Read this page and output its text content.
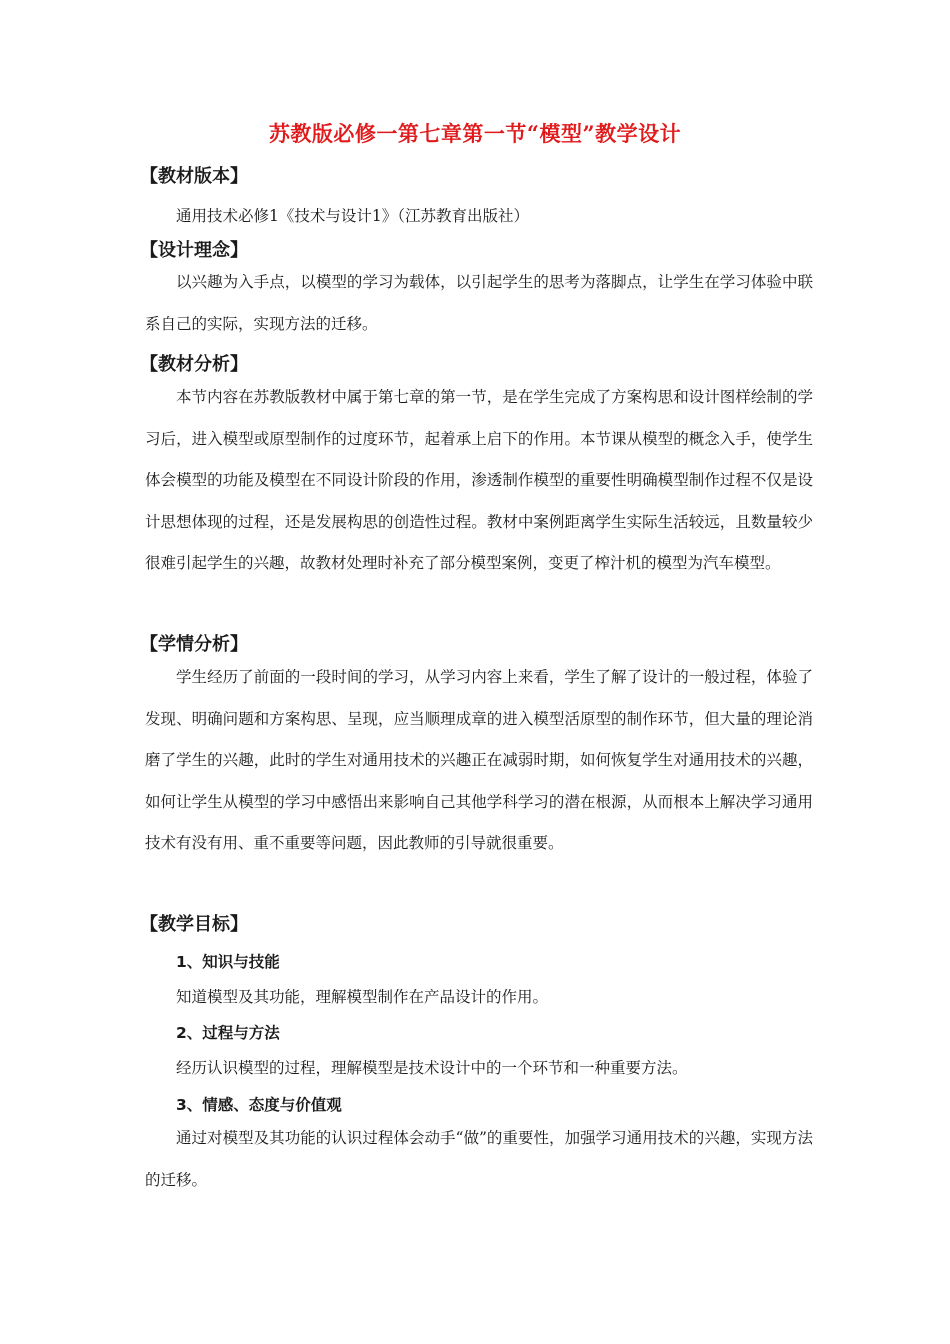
苏教版必修一第七章第一节“模型”教学设计
【教材版本】
通用技术必修1《技术与设计1》（江苏教育出版社）
【设计理念】

以兴趣为入手点，以模型的学习为载体，以引起学生的思考为落脚点，让学生在学习体验中联系自己的实际，实现方法的迁移。

【教材分析】

本节内容在苏教版教材中属于第七章的第一节，是在学生完成了方案构思和设计图样绘制的学习后，进入模型或原型制作的过度环节，起着承上启下的作用。本节课从模型的概念入手，使学生体会模型的功能及模型在不同设计阶段的作用，渗透制作模型的重要性明确模型制作过程不仅是设计思想体现的过程，还是发展构思的创造性过程。教材中案例距离学生实际生活较远，且数量较少很难引起学生的兴趣，故教材处理时补充了部分模型案例，变更了榨汁机的模型为汽车模型。

【学情分析】

学生经历了前面的一段时间的学习，从学习内容上来看，学生了解了设计的一般过程，体验了发现、明确问题和方案构思、呈现，应当顺理成章的进入模型活原型的制作环节，但大量的理论消磨了学生的兴趣，此时的学生对通用技术的兴趣正在减弱时期，如何恢复学生对通用技术的兴趣，如何让学生从模型的学习中感悟出来影响自己其他学科学习的潜在根源，从而根本上解决学习通用技术有没有用、重不重要等问题，因此教师的引导就很重要。

【教学目标】
1、知识与技能
知道模型及其功能，理解模型制作在产品设计的作用。
2、过程与方法
经历认识模型的过程，理解模型是技术设计中的一个环节和一种重要方法。
3、情感、态度与价值观

通过对模型及其功能的认识过程体会动手“做”的重要性，加强学习通用技术的兴趣，实现方法的迁移。
